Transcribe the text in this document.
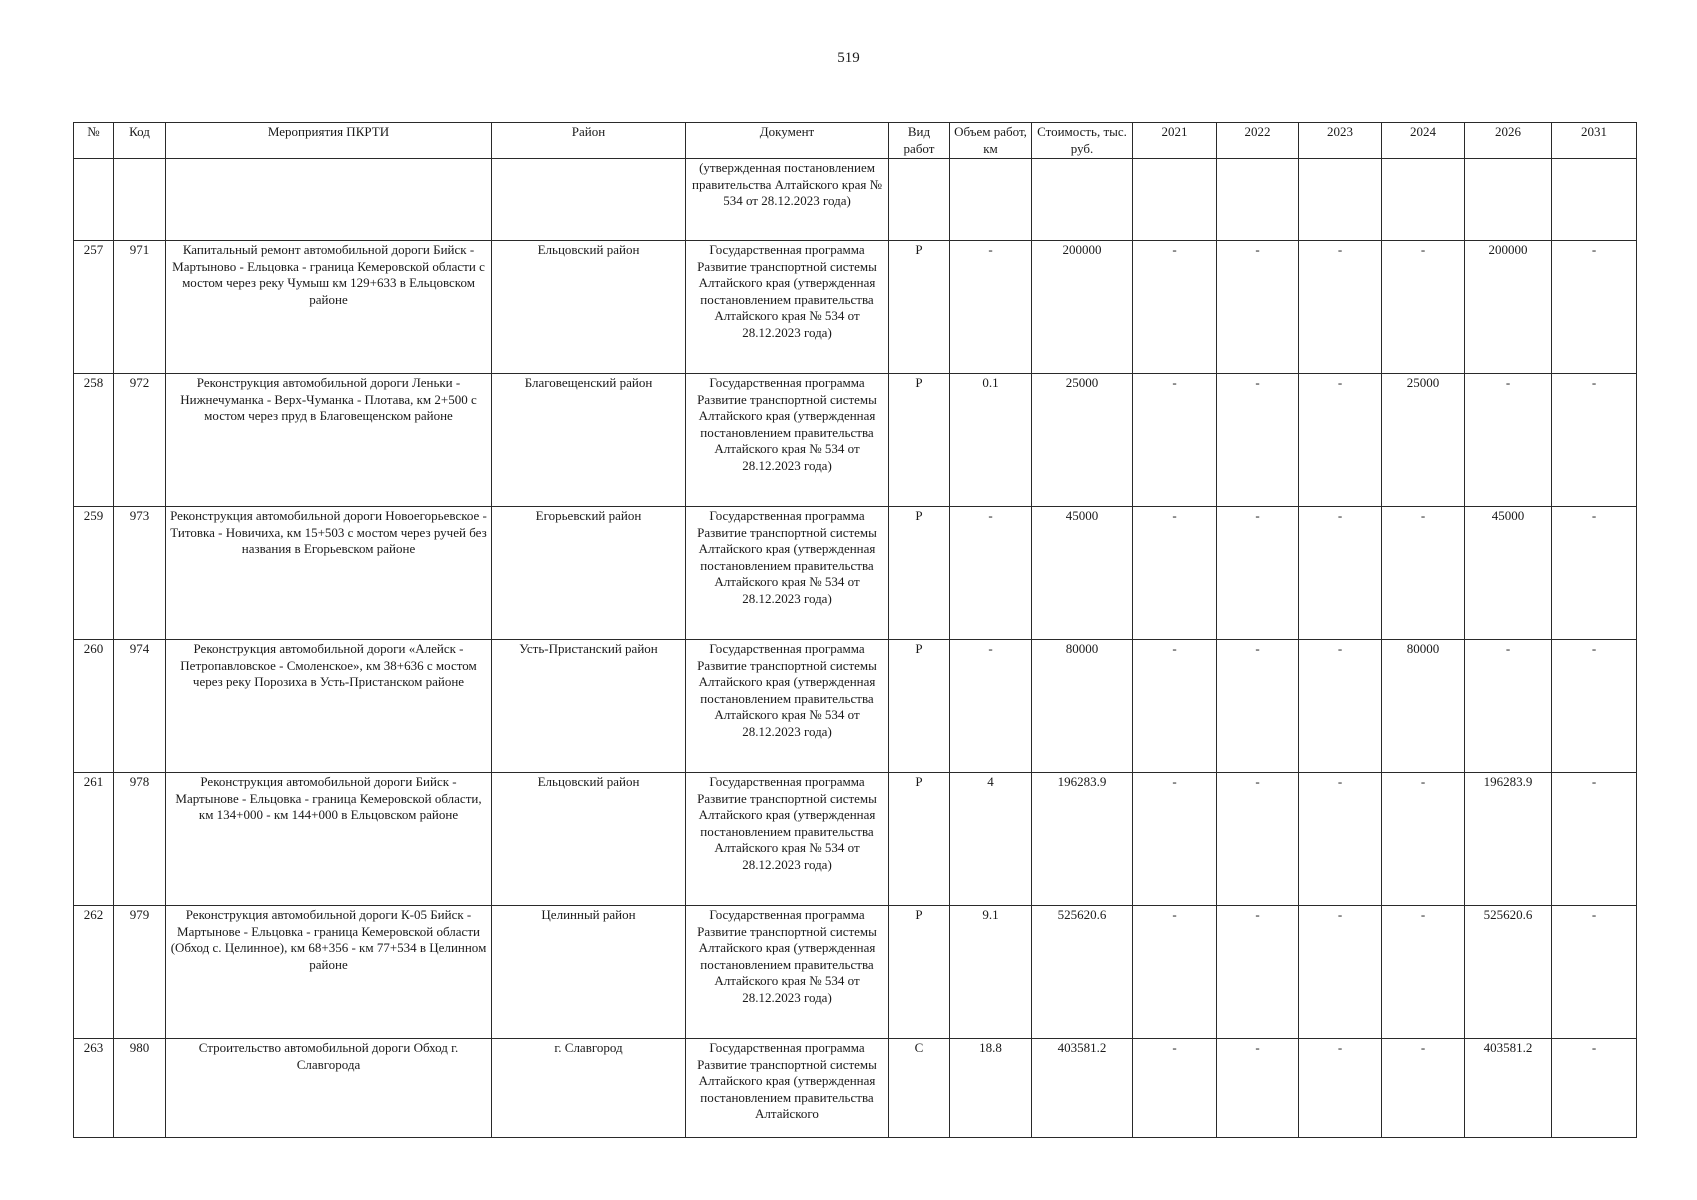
519
№	Код	Мероприятия ПКРТИ	Район	Документ	Вид работ	Объем работ, км	Стоимость, тыс. руб.	2021	2022	2023	2024	2026	2031
				(утвержденная постановлением правительства Алтайского края № 534 от 28.12.2023 года)									
257	971	Капитальный ремонт автомобильной дороги Бийск - Мартыново - Ельцовка - граница Кемеровской области с мостом через реку Чумыш км 129+633 в Ельцовском районе	Ельцовский район	Государственная программа Развитие транспортной системы Алтайского края (утвержденная постановлением правительства Алтайского края № 534 от 28.12.2023 года)	Р	-	200000	-	-	-	-	200000	-
258	972	Реконструкция автомобильной дороги Леньки - Нижнечуманка - Верх-Чуманка - Плотава, км 2+500 с мостом через пруд в Благовещенском районе	Благовещенский район	Государственная программа Развитие транспортной системы Алтайского края (утвержденная постановлением правительства Алтайского края № 534 от 28.12.2023 года)	Р	0.1	25000	-	-	-	25000	-	-
259	973	Реконструкция автомобильной дороги Новоегорьевское - Титовка - Новичиха, км 15+503 с мостом через ручей без названия в Егорьевском районе	Егорьевский район	Государственная программа Развитие транспортной системы Алтайского края (утвержденная постановлением правительства Алтайского края № 534 от 28.12.2023 года)	Р	-	45000	-	-	-	-	45000	-
260	974	Реконструкция автомобильной дороги «Алейск - Петропавловское - Смоленское», км 38+636 с мостом через реку Порозиха в Усть-Пристанском районе	Усть-Пристанский район	Государственная программа Развитие транспортной системы Алтайского края (утвержденная постановлением правительства Алтайского края № 534 от 28.12.2023 года)	Р	-	80000	-	-	-	80000	-	-
261	978	Реконструкция автомобильной дороги Бийск - Мартынове - Ельцовка - граница Кемеровской области, км 134+000 - км 144+000 в Ельцовском районе	Ельцовский район	Государственная программа Развитие транспортной системы Алтайского края (утвержденная постановлением правительства Алтайского края № 534 от 28.12.2023 года)	Р	4	196283.9	-	-	-	-	196283.9	-
262	979	Реконструкция автомобильной дороги К-05 Бийск - Мартынове - Ельцовка - граница Кемеровской области (Обход с. Целинное), км 68+356 - км 77+534 в Целинном районе	Целинный район	Государственная программа Развитие транспортной системы Алтайского края (утвержденная постановлением правительства Алтайского края № 534 от 28.12.2023 года)	Р	9.1	525620.6	-	-	-	-	525620.6	-
263	980	Строительство автомобильной дороги Обход г. Славгорода	г. Славгород	Государственная программа Развитие транспортной системы Алтайского края (утвержденная постановлением правительства Алтайского	С	18.8	403581.2	-	-	-	-	403581.2	-
